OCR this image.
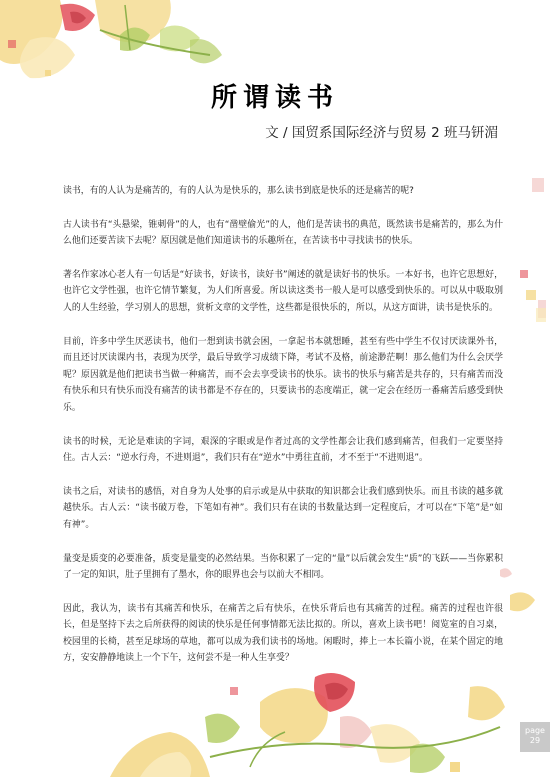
所谓读书
文 / 国贸系国际经济与贸易 2 班马钘湄

读书，有的人认为是痛苦的，有的人认为是快乐的，那么读书到底是快乐的还是痛苦的呢?

古人读书有“头悬梁，锥刺骨”的人，也有“凿壁偷光”的人，他们是苦读书的典范，既然读书是痛苦的，那么为什么他们还要苦读下去呢？原因就是他们知道读书的乐趣所在，在苦读书中寻找读书的快乐。

著名作家冰心老人有一句话是“好读书，好读书，读好书”阐述的就是读好书的快乐。一本好书，也许它思想好，也许它文学性强，也许它情节繁复，为人们所喜爱。所以读这类书一般人是可以感受到快乐的。可以从中吸取别人的人生经验，学习别人的思想，赏析文章的文学性，这些都是很快乐的，所以，从这方面讲，读书是快乐的。

目前，许多中学生厌恶读书，他们一想到读书就会困，一拿起书本就想睡，甚至有些中学生不仅讨厌读课外书，而且还讨厌读课内书，表现为厌学，最后导致学习成绩下降，考试不及格，前途渺茫啊！那么他们为什么会厌学呢？原因就是他们把读书当做一种痛苦，而不会去享受读书的快乐。读书的快乐与痛苦是共存的，只有痛苦而没有快乐和只有快乐而没有痛苦的读书都是不存在的，只要读书的态度端正，就一定会在经历一番痛苦后感受到快乐。

读书的时候，无论是难读的字词，艰深的字眼或是作者过高的文学性都会让我们感到痛苦，但我们一定要坚持住。古人云：“逆水行舟，不进则退”，我们只有在“逆水”中勇往直前，才不至于“不进则退”。

读书之后，对读书的感悟，对自身为人处事的启示或是从中获取的知识都会让我们感到快乐。而且书读的越多就越快乐。古人云：“读书破万卷，下笔如有神”。我们只有在读的书数量达到一定程度后，才可以在“下笔”是“如有神”。

量变是质变的必要准备，质变是量变的必然结果。当你积累了一定的“量”以后就会发生“质”的飞跃——当你累积了一定的知识，肚子里拥有了墨水，你的眼界也会与以前大不相同。

因此，我认为，读书有其痛苦和快乐，在痛苦之后有快乐，在快乐背后也有其痛苦的过程。痛苦的过程也许很长，但是坚持下去之后所获得的阅读的快乐是任何事情都无法比拟的。所以，喜欢上读书吧！阅览室的自习桌，校园里的长椅，甚至足球场的草地，都可以成为我们读书的场地。闲暇时，捧上一本长篇小说，在某个固定的地方，安安静静地读上一个下午，这何尝不是一种人生享受？

page
29
